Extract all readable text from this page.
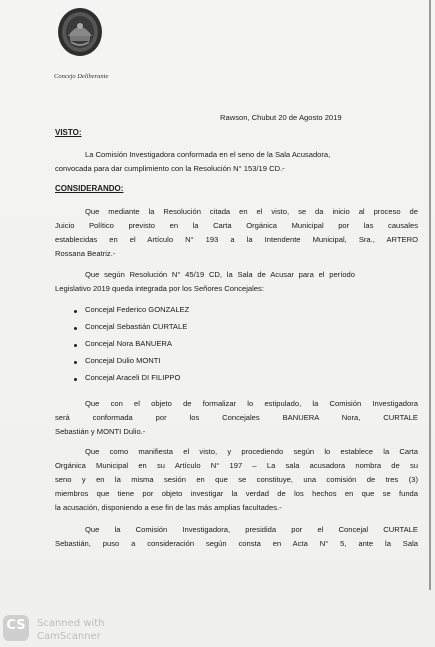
Concejo Deliberante
Rawson, Chubut 20 de Agosto 2019
VISTO:
La Comisión Investigadora conformada en el seno de la Sala Acusadora,
convocada para dar cumplimiento con la Resolución N° 153/19 CD.-
CONSIDERANDO:
Que mediante la Resolución citada en el visto, se da inicio al proceso de
Juicio Político previsto en la Carta Orgánica Municipal por las causales
establecidas en el Artículo N° 193 a la Intendente Municipal, Sra., ARTERO
Rossana Beatriz.-
Que según Resolución N° 45/19 CD, la Sala de Acusar para el período
Legislativo 2019 queda integrada por los Señores Concejales:
Concejal Federico GONZALEZ
Concejal Sebastián CURTALE
Concejal Nora BANUERA
Concejal Dulio MONTI
Concejal Araceli DI FILIPPO
Que con el objeto de formalizar lo estipulado, la Comisión Investigadora
será conformada por los Concejales BANUERA Nora, CURTALE
Sebastián y MONTI Dulio.-
Que como manifiesta el visto, y procediendo según lo establece la Carta
Orgánica Municipal en su Artículo N° 197 – La sala acusadora nombra de su
seno y en la misma sesión en que se constituye, una comisión de tres (3)
miembros que tiene por objeto investigar la verdad de los hechos en que se funda
la acusación, disponiendo a ese fin de las más amplias facultades.-
Que la Comisión Investigadora, presidida por el Concejal CURTALE
Sebastián, puso a consideración según consta en Acta N° 5, ante la Sala
CS	Scanned with
CamScanner
